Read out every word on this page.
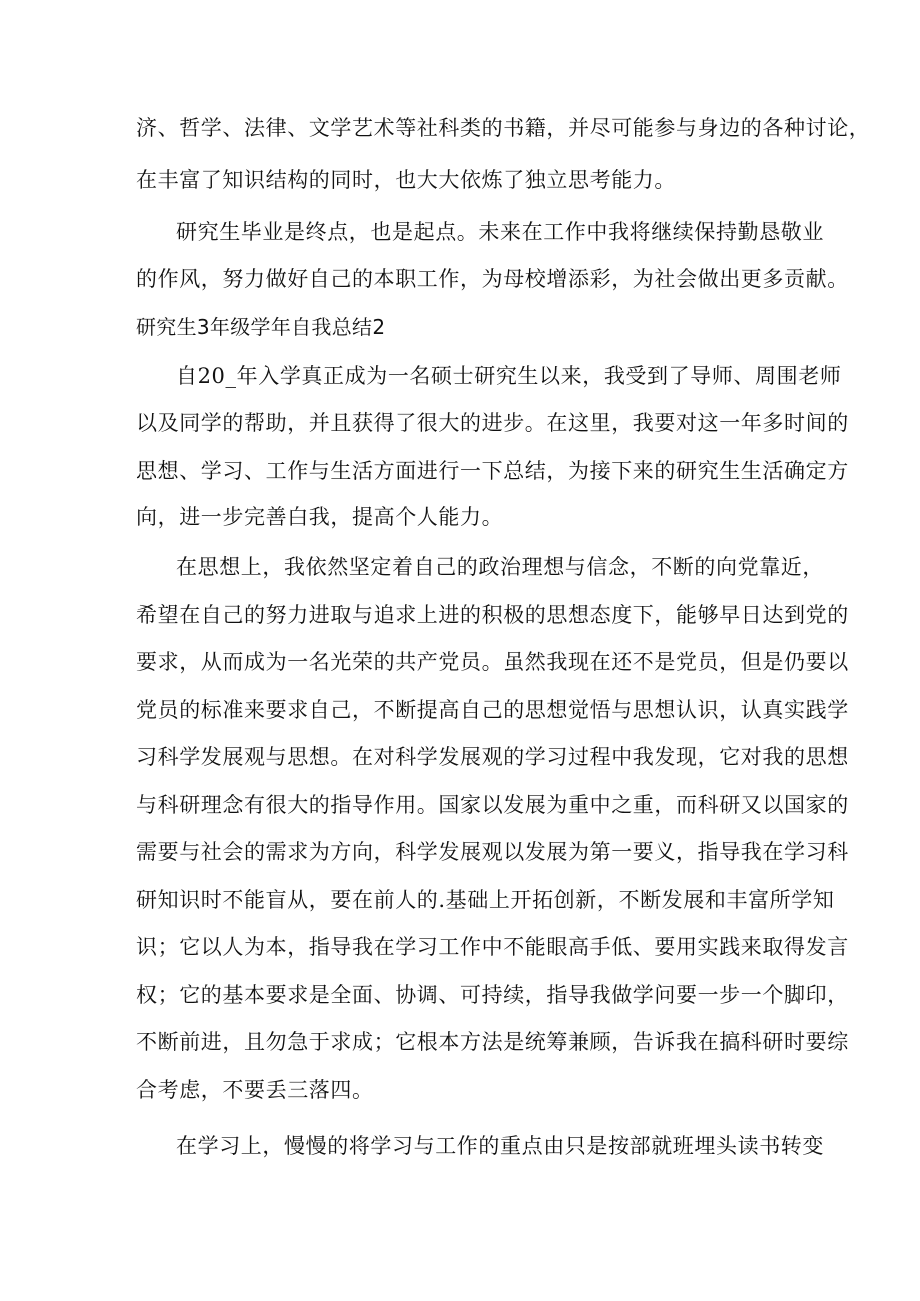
济、哲学、法律、文学艺术等社科类的书籍，并尽可能参与身边的各种讨论，
在丰富了知识结构的同时，也大大依炼了独立思考能力。
研究生毕业是终点，也是起点。未来在工作中我将继续保持勤恳敬业
的作风，努力做好自己的本职工作，为母校增添彩，为社会做出更多贡献。
研究生3年级学年自我总结2
自20_年入学真正成为一名硕士研究生以来，我受到了导师、周围老师
以及同学的帮助，并且获得了很大的进步。在这里，我要对这一年多时间的
思想、学习、工作与生活方面进行一下总结，为接下来的研究生生活确定方
向，进一步完善白我，提高个人能力。
在思想上，我依然坚定着自己的政治理想与信念，不断的向党靠近，
希望在自己的努力进取与追求上进的积极的思想态度下，能够早日达到党的
要求，从而成为一名光荣的共产党员。虽然我现在还不是党员，但是仍要以
党员的标准来要求自己，不断提高自己的思想觉悟与思想认识，认真实践学
习科学发展观与思想。在对科学发展观的学习过程中我发现，它对我的思想
与科研理念有很大的指导作用。国家以发展为重中之重，而科研又以国家的
需要与社会的需求为方向，科学发展观以发展为第一要义，指导我在学习科
研知识时不能盲从，要在前人的.基础上开拓创新，不断发展和丰富所学知
识；它以人为本，指导我在学习工作中不能眼高手低、要用实践来取得发言
权；它的基本要求是全面、协调、可持续，指导我做学问要一步一个脚印，
不断前进，且勿急于求成；它根本方法是统筹兼顾，告诉我在搞科研时要综
合考虑，不要丢三落四。
在学习上，慢慢的将学习与工作的重点由只是按部就班埋头读书转变
